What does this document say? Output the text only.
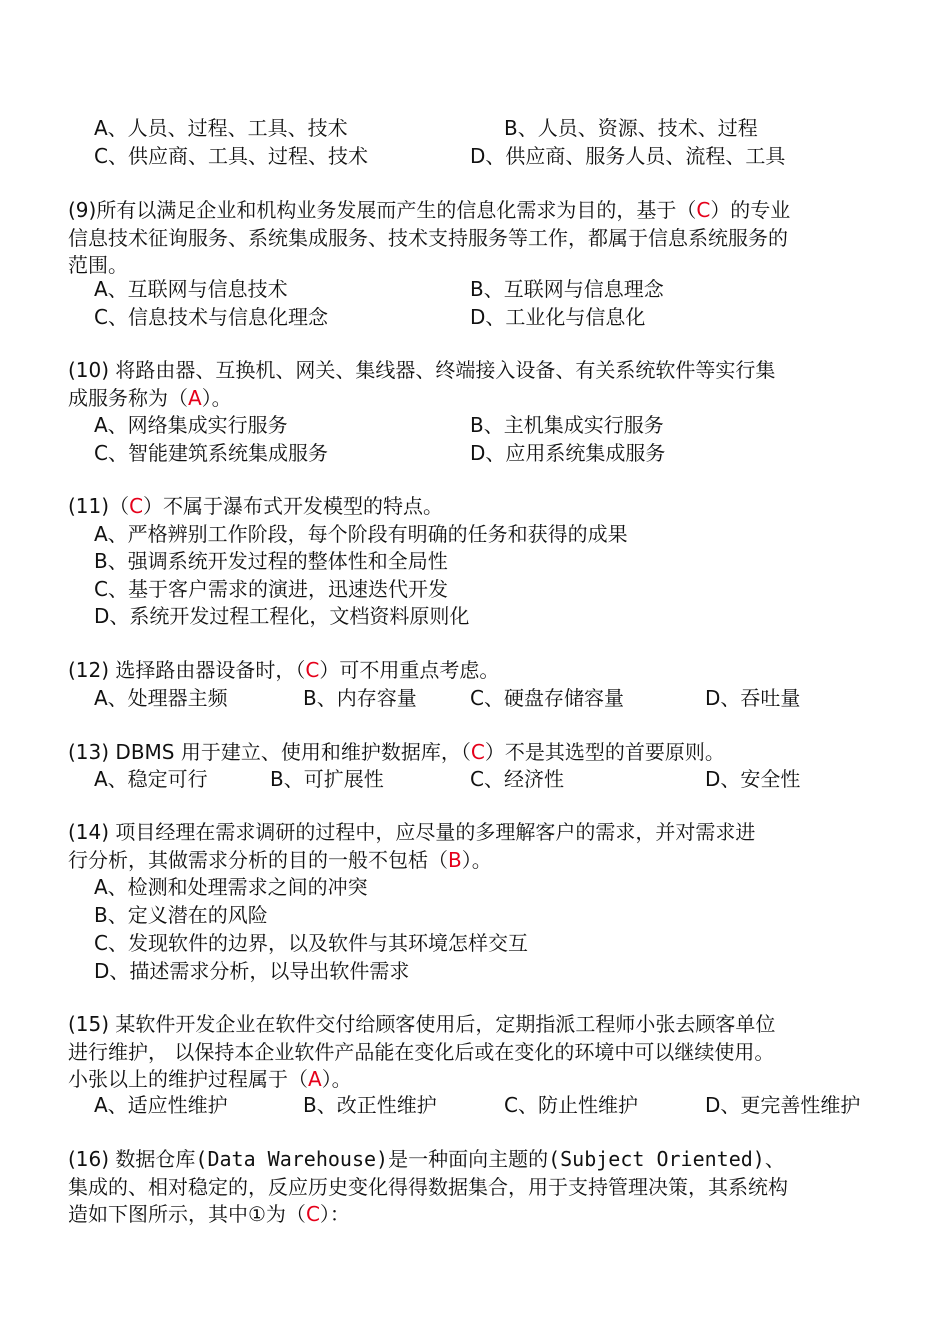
A、人员、过程、工具、技术	B、人员、资源、技术、过程
C、供应商、工具、过程、技术	D、供应商、服务人员、流程、工具
(9)所有以满足企业和机构业务发展而产生的信息化需求为目的，基于（C）的专业
信息技术征询服务、系统集成服务、技术支持服务等工作，都属于信息系统服务的
范围。
A、互联网与信息技术	B、互联网与信息理念
C、信息技术与信息化理念	D、工业化与信息化
(10) 将路由器、互换机、网关、集线器、终端接入设备、有关系统软件等实行集
成服务称为（A）。
A、网络集成实行服务	B、主机集成实行服务
C、智能建筑系统集成服务	D、应用系统集成服务
(11)（C）不属于瀑布式开发模型的特点。
A、严格辨别工作阶段，每个阶段有明确的任务和获得的成果
B、强调系统开发过程的整体性和全局性
C、基于客户需求的演进，迅速迭代开发
D、系统开发过程工程化，文档资料原则化
(12) 选择路由器设备时，（C）可不用重点考虑。
A、处理器主频	B、内存容量	C、硬盘存储容量	D、吞吐量
(13) DBMS 用于建立、使用和维护数据库，（C）不是其选型的首要原则。
A、稳定可行	B、可扩展性	C、经济性	D、安全性
(14) 项目经理在需求调研的过程中，应尽量的多理解客户的需求，并对需求进
行分析，其做需求分析的目的一般不包栝（B）。
A、检测和处理需求之间的冲突
B、定义潜在的风险
C、发现软件的边界，以及软件与其环境怎样交互
D、描述需求分析，以导出软件需求
(15) 某软件开发企业在软件交付给顾客使用后，定期指派工程师小张去顾客单位
进行维护， 以保持本企业软件产品能在变化后或在变化的环境中可以继续使用。
小张以上的维护过程属于（A）。
A、适应性维护	B、改正性维护	C、防止性维护	D、更完善性维护
(16) 数据仓库(Data Warehouse)是一种面向主题的(Subject Oriented)、
集成的、相对稳定的，反应历史变化得得数据集合，用于支持管理决策，其系统构
造如下图所示，其中①为（C）：
